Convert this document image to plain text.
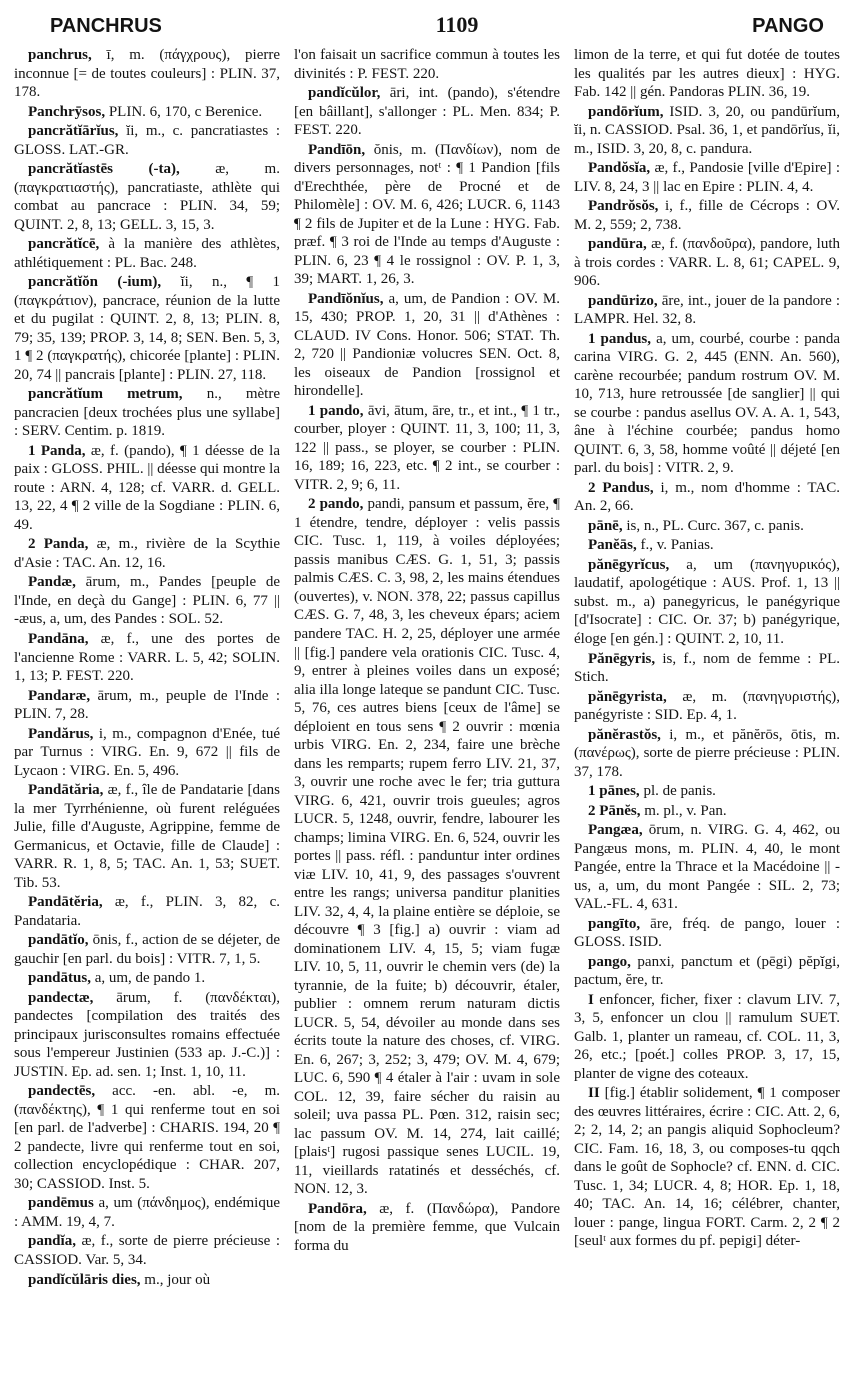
PANCHRUS	1109	PANGO

panchrus, ī, m. (πάγχρους), pierre inconnue [= de toutes couleurs] : PLIN. 37, 178.

Panchrӯsos, PLIN. 6, 170, c Berenice.

pancrătĭārĭus, ĭi, m., c. pancratiastes : GLOSS. LAT.-GR.

pancrătĭastēs (-ta), æ, m. (παγκρατιαστής), pancratiaste, athlète qui combat au pancrace : PLIN. 34, 59; QUINT. 2, 8, 13; GELL. 3, 15, 3.

pancrătĭcē, à la manière des athlètes, athlétiquement : PL. Bac. 248.

pancrătĭŏn (-ium), ĭi, n., ¶ 1 (παγκράτιον), pancrace, réunion de la lutte et du pugilat : QUINT. 2, 8, 13; PLIN. 8, 79; 35, 139; PROP. 3, 14, 8; SEN. Ben. 5, 3, 1 ¶ 2 (παγκρατής), chicorée [plante] : PLIN. 20, 74 || pancrais [plante] : PLIN. 27, 118.

pancrătĭum metrum, n., mètre pancracien [deux trochées plus une syllabe] : SERV. Centim. p. 1819.

1 Panda, æ, f. (pando), ¶ 1 déesse de la paix : GLOSS. PHIL. || déesse qui montre la route : ARN. 4, 128; cf. VARR. d. GELL. 13, 22, 4 ¶ 2 ville de la Sogdiane : PLIN. 6, 49.

2 Panda, æ, m., rivière de la Scythie d'Asie : TAC. An. 12, 16.

Pandæ, ārum, m., Pandes [peuple de l'Inde, en deçà du Gange] : PLIN. 6, 77 || -æus, a, um, des Pandes : SOL. 52.

Pandāna, æ, f., une des portes de l'ancienne Rome : VARR. L. 5, 42; SOLIN. 1, 13; P. FEST. 220.

Pandaræ, ārum, m., peuple de l'Inde : PLIN. 7, 28.

Pandărus, i, m., compagnon d'Enée, tué par Turnus : VIRG. En. 9, 672 || fils de Lycaon : VIRG. En. 5, 496.

Pandātăria, æ, f., île de Pandatarie [dans la mer Tyrrhénienne, où furent reléguées Julie, fille d'Auguste, Agrippine, femme de Germanicus, et Octavie, fille de Claude] : VARR. R. 1, 8, 5; TAC. An. 1, 53; SUET. Tib. 53.

Pandātĕria, æ, f., PLIN. 3, 82, c. Pandataria.

pandātĭo, ōnis, f., action de se déjeter, de gauchir [en parl. du bois] : VITR. 7, 1, 5.

pandātus, a, um, de pando 1.

pandectæ, ārum, f. (πανδέκται), pandectes [compilation des traités des principaux jurisconsultes romains effectuée sous l'empereur Justinien (533 ap. J.-C.)] : JUSTIN. Ep. ad. sen. 1; Inst. 1, 10, 11.

pandectēs, acc. -en. abl. -e, m. (πανδέκτης), ¶ 1 qui renferme tout en soi [en parl. de l'adverbe] : CHARIS. 194, 20 ¶ 2 pandecte, livre qui renferme tout en soi, collection encyclopédique : CHAR. 207, 30; CASSIOD. Inst. 5.

pandēmus a, um (πάνδημος), endémique : AMM. 19, 4, 7.

pandĭa, æ, f., sorte de pierre précieuse : CASSIOD. Var. 5, 34.

pandĭcŭlāris dies, m., jour où

l'on faisait un sacrifice commun à toutes les divinités : P. FEST. 220.

pandĭcŭlor, āri, int. (pando), s'étendre [en bâillant], s'allonger : PL. Men. 834; P. FEST. 220.

Pandīōn, ŏnis, m. (Πανδίων), nom de divers personnages, notᵗ : ¶ 1 Pandion [fils d'Erechthée, père de Procné et de Philomèle] : OV. M. 6, 426; LUCR. 6, 1143 ¶ 2 fils de Jupiter et de la Lune : HYG. Fab. præf. ¶ 3 roi de l'Inde au temps d'Auguste : PLIN. 6, 23 ¶ 4 le rossignol : OV. P. 1, 3, 39; MART. 1, 26, 3.

Pandīŏnĭus, a, um, de Pandion : OV. M. 15, 430; PROP. 1, 20, 31 || d'Athènes : CLAUD. IV Cons. Honor. 506; STAT. Th. 2, 720 || Pandioniæ volucres SEN. Oct. 8, les oiseaux de Pandion [rossignol et hirondelle].

1 pando, āvi, ātum, āre, tr., et int., ¶ 1 tr., courber, ployer : QUINT. 11, 3, 100; 11, 3, 122 || pass., se ployer, se courber : PLIN. 16, 189; 16, 223, etc. ¶ 2 int., se courber : VITR. 2, 9; 6, 11.

2 pando, pandi, pansum et passum, ĕre, ¶ 1 étendre, tendre, déployer : velis passis CIC. Tusc. 1, 119, à voiles déployées; passis manibus CÆS. G. 1, 51, 3; passis palmis CÆS. C. 3, 98, 2, les mains étendues (ouvertes), v. NON. 378, 22; passus capillus CÆS. G. 7, 48, 3, les cheveux épars; aciem pandere TAC. H. 2, 25, déployer une armée || [fig.] pandere vela orationis CIC. Tusc. 4, 9, entrer à pleines voiles dans un exposé; alia illa longe lateque se pandunt CIC. Tusc. 5, 76, ces autres biens [ceux de l'âme] se déploient en tous sens ¶ 2 ouvrir : mœnia urbis VIRG. En. 2, 234, faire une brèche dans les remparts; rupem ferro LIV. 21, 37, 3, ouvrir une roche avec le fer; tria guttura VIRG. 6, 421, ouvrir trois gueules; agros LUCR. 5, 1248, ouvrir, fendre, labourer les champs; limina VIRG. En. 6, 524, ouvrir les portes || pass. réfl. : panduntur inter ordines viæ LIV. 10, 41, 9, des passages s'ouvrent entre les rangs; universa panditur planities LIV. 32, 4, 4, la plaine entière se déploie, se découvre ¶ 3 [fig.] a) ouvrir : viam ad dominationem LIV. 4, 15, 5; viam fugæ LIV. 10, 5, 11, ouvrir le chemin vers (de) la tyrannie, de la fuite; b) découvrir, étaler, publier : omnem rerum naturam dictis LUCR. 5, 54, dévoiler au monde dans ses écrits toute la nature des choses, cf. VIRG. En. 6, 267; 3, 252; 3, 479; OV. M. 4, 679; LUC. 6, 590 ¶ 4 étaler à l'air : uvam in sole COL. 12, 39, faire sécher du raisin au soleil; uva passa PL. Pœn. 312, raisin sec; lac passum OV. M. 14, 274, lait caillé; [plaisᵗ] rugosi passique senes LUCIL. 19, 11, vieillards ratatinés et desséchés, cf. NON. 12, 3.

Pandōra, æ, f. (Πανδώρα), Pandore [nom de la première femme, que Vulcain forma du

limon de la terre, et qui fut dotée de toutes les qualités par les autres dieux] : HYG. Fab. 142 || gén. Pandoras PLIN. 36, 19.

pandōrĭum, ISID. 3, 20, ou pandūrĭum, ĭi, n. CASSIOD. Psal. 36, 1, et pandōrĭus, ĭi, m., ISID. 3, 20, 8, c. pandura.

Pandŏsĭa, æ, f., Pandosie [ville d'Epire] : LIV. 8, 24, 3 || lac en Epire : PLIN. 4, 4.

Pandrŏsŏs, i, f., fille de Cécrops : OV. M. 2, 559; 2, 738.

pandūra, æ, f. (πανδοῦρα), pandore, luth à trois cordes : VARR. L. 8, 61; CAPEL. 9, 906.

pandūrizo, āre, int., jouer de la pandore : LAMPR. Hel. 32, 8.

1 pandus, a, um, courbé, courbe : panda carina VIRG. G. 2, 445 (ENN. An. 560), carène recourbée; pandum rostrum OV. M. 10, 713, hure retroussée [de sanglier] || qui se courbe : pandus asellus OV. A. A. 1, 543, âne à l'échine courbée; pandus homo QUINT. 6, 3, 58, homme voûté || déjeté [en parl. du bois] : VITR. 2, 9.

2 Pandus, i, m., nom d'homme : TAC. An. 2, 66.

pānē, is, n., PL. Curc. 367, c. panis.

Panĕās, f., v. Panias.

pănēgyrĭcus, a, um (πανηγυρικός), laudatif, apologétique : AUS. Prof. 1, 13 || subst. m., a) panegyricus, le panégyrique [d'Isocrate] : CIC. Or. 37; b) panégyrique, éloge [en gén.] : QUINT. 2, 10, 11.

Pănēgyris, is, f., nom de femme : PL. Stich.

pănēgyrista, æ, m. (πανηγυριστής), panégyriste : SID. Ep. 4, 1.

pănĕrastŏs, i, m., et pănĕrōs, ōtis, m. (πανέρως), sorte de pierre précieuse : PLIN. 37, 178.

1 pānes, pl. de panis.

2 Pānĕs, m. pl., v. Pan.

Pangæa, ōrum, n. VIRG. G. 4, 462, ou Pangæus mons, m. PLIN. 4, 40, le mont Pangée, entre la Thrace et la Macédoine || -us, a, um, du mont Pangée : SIL. 2, 73; VAL.-FL. 4, 631.

pangīto, āre, fréq. de pango, louer : GLOSS. ISID.

pango, panxi, panctum et (pēgi) pĕpĭgi, pactum, ĕre, tr.

I enfoncer, ficher, fixer : clavum LIV. 7, 3, 5, enfoncer un clou || ramulum SUET. Galb. 1, planter un rameau, cf. COL. 11, 3, 26, etc.; [poét.] colles PROP. 3, 17, 15, planter de vigne des coteaux.

II [fig.] établir solidement, ¶ 1 composer des œuvres littéraires, écrire : CIC. Att. 2, 6, 2; 2, 14, 2; an pangis aliquid Sophocleum? CIC. Fam. 16, 18, 3, ou composes-tu qqch dans le goût de Sophocle? cf. ENN. d. CIC. Tusc. 1, 34; LUCR. 4, 8; HOR. Ep. 1, 18, 40; TAC. An. 14, 16; célébrer, chanter, louer : pange, lingua FORT. Carm. 2, 2 ¶ 2 [seulᵗ aux formes du pf. pepigi] déter-
